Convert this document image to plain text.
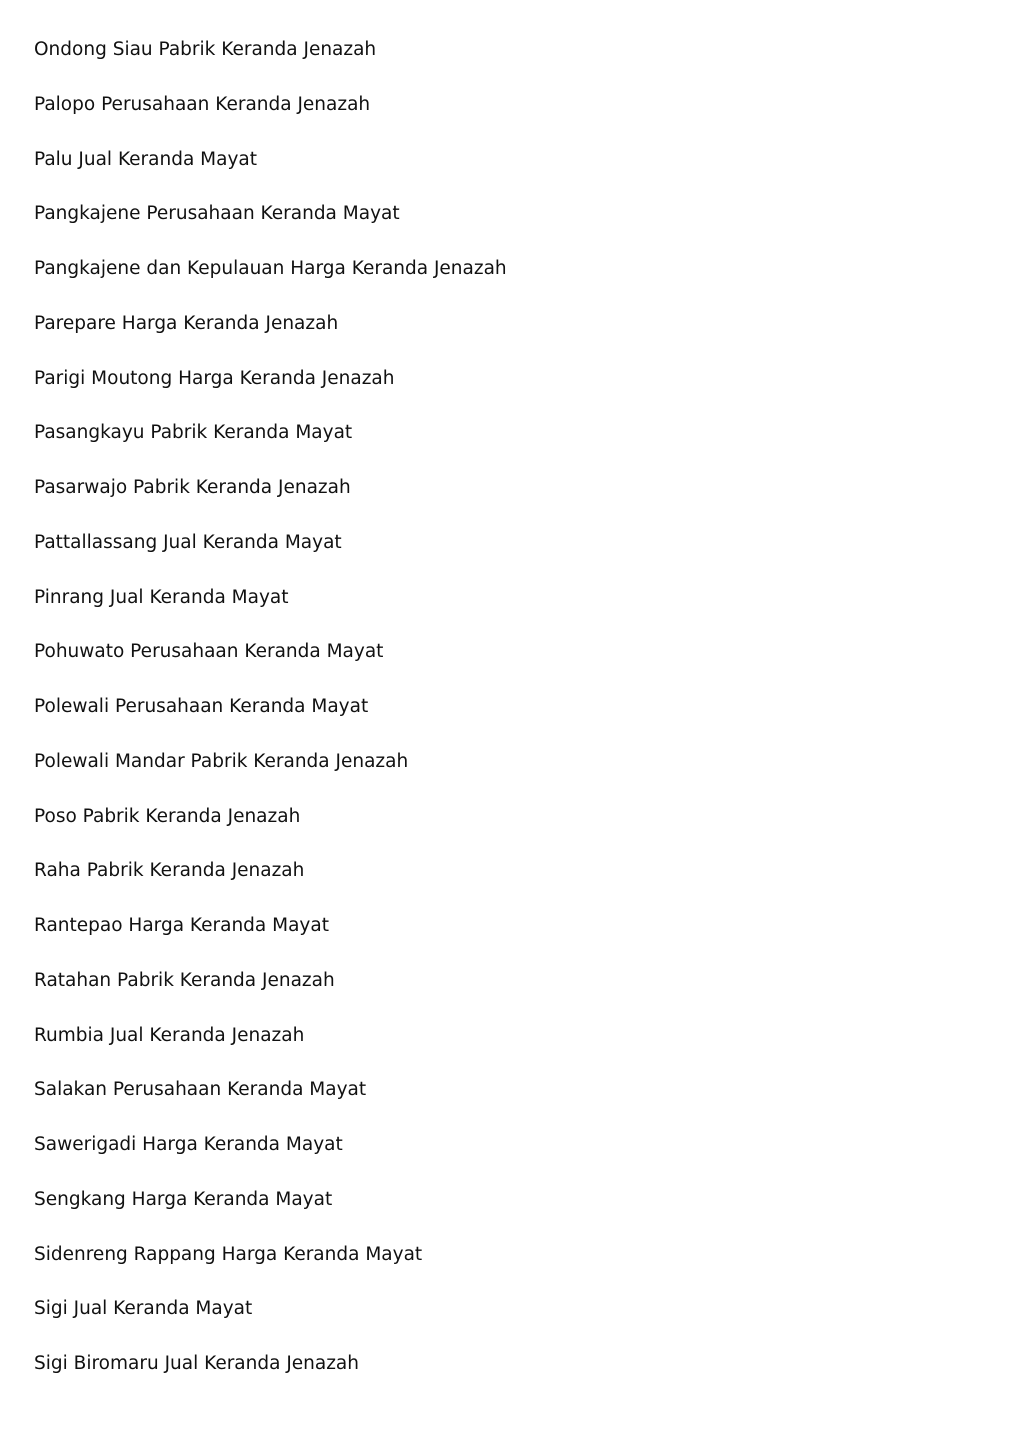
Ondong Siau Pabrik Keranda Jenazah
Palopo Perusahaan Keranda Jenazah
Palu Jual Keranda Mayat
Pangkajene Perusahaan Keranda Mayat
Pangkajene dan Kepulauan Harga Keranda Jenazah
Parepare Harga Keranda Jenazah
Parigi Moutong Harga Keranda Jenazah
Pasangkayu Pabrik Keranda Mayat
Pasarwajo Pabrik Keranda Jenazah
Pattallassang Jual Keranda Mayat
Pinrang Jual Keranda Mayat
Pohuwato Perusahaan Keranda Mayat
Polewali Perusahaan Keranda Mayat
Polewali Mandar Pabrik Keranda Jenazah
Poso Pabrik Keranda Jenazah
Raha Pabrik Keranda Jenazah
Rantepao Harga Keranda Mayat
Ratahan Pabrik Keranda Jenazah
Rumbia Jual Keranda Jenazah
Salakan Perusahaan Keranda Mayat
Sawerigadi Harga Keranda Mayat
Sengkang Harga Keranda Mayat
Sidenreng Rappang Harga Keranda Mayat
Sigi Jual Keranda Mayat
Sigi Biromaru Jual Keranda Jenazah
